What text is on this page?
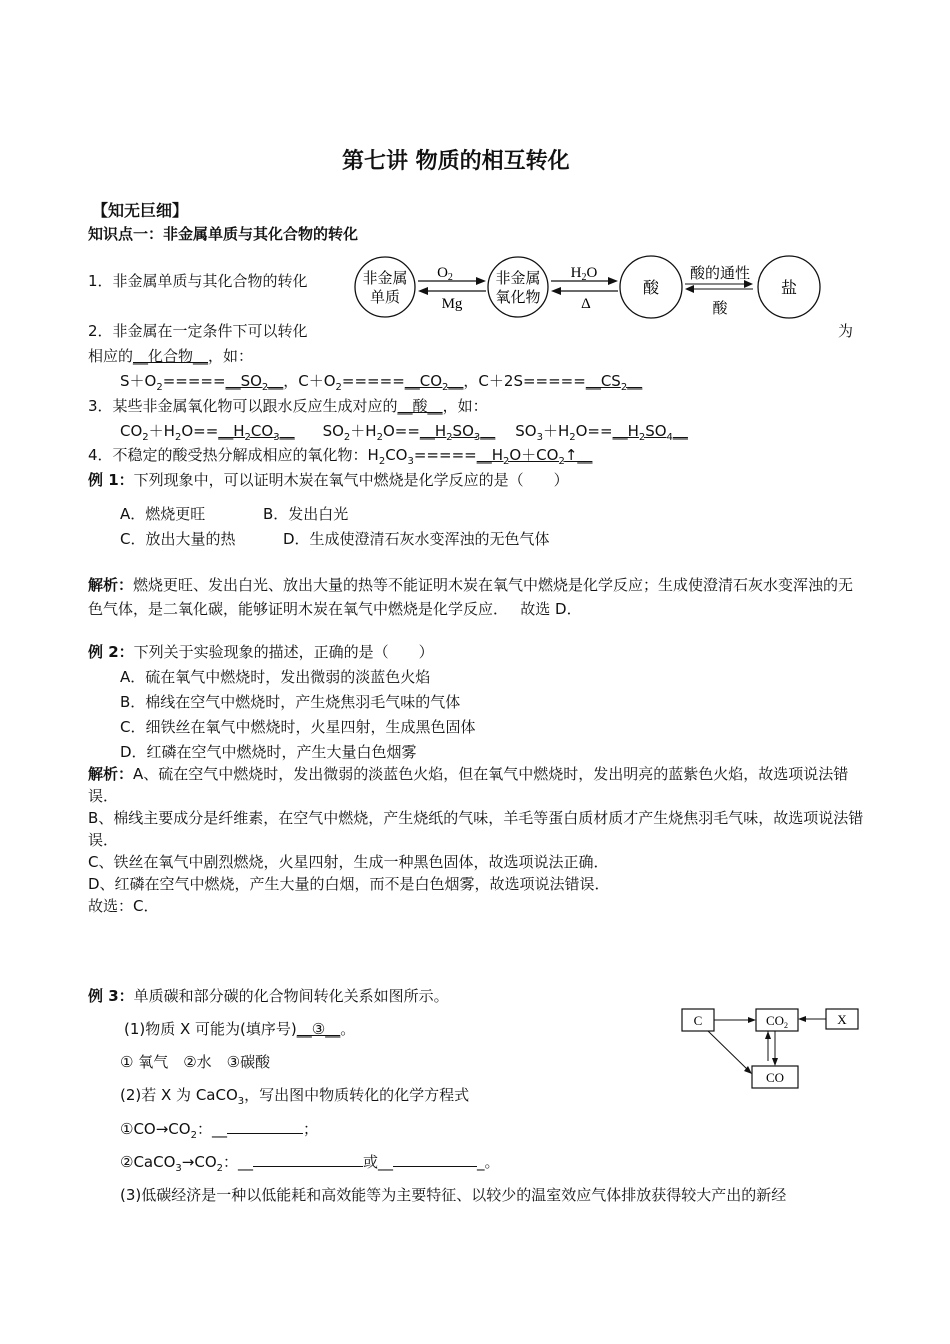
第七讲 物质的相互转化
【知无巨细】
知识点一：非金属单质与其化合物的转化
1．非金属单质与其化合物的转化	非金属
单质
$O_2$
Mg
非金属
氧化物
$H_2O$
Δ
酸
酸的通性
酸
盐
2．非金属在一定条件下可以转化	为
相应的__化合物__，如：
$S+O_2=====\_\_SO_2\_\_$，$C+O_2=====\_\_CO_2\_\_$，$C+2S=====\_\_CS_2\_\_$
3．某些非金属氧化物可以跟水反应生成对应的__酸__，如：
$CO_2+H_2O==\_\_H_2CO_3\_\_$ $SO_2+H_2O==\_\_H_2SO_3\_\_$ $SO_3+H_2O==\_\_H_2SO_4\_\_$
4．不稳定的酸受热分解成相应的氧化物：$H_2CO_3=====\_\_H_2O+CO_2↑\_\_$
例 1：下列现象中，可以证明木炭在氧气中燃烧是化学反应的是（　　）
A．燃烧更旺	B．发出白光
C．放出大量的热	D．生成使澄清石灰水变浑浊的无色气体
解析：燃烧更旺、发出白光、放出大量的热等不能证明木炭在氧气中燃烧是化学反应；生成使澄清石灰水变浑浊的无色气体，是二氧化碳，能够证明木炭在氧气中燃烧是化学反应．　 故选 D．
例 2：下列关于实验现象的描述，正确的是（　　）
A．硫在氧气中燃烧时，发出微弱的淡蓝色火焰
B．棉线在空气中燃烧时，产生烧焦羽毛气味的气体
C．细铁丝在氧气中燃烧时，火星四射，生成黑色固体
D．红磷在空气中燃烧时，产生大量白色烟雾
解析：A、硫在空气中燃烧时，发出微弱的淡蓝色火焰，但在氧气中燃烧时，发出明亮的蓝紫色火焰，故选项说法错误．
B、棉线主要成分是纤维素，在空气中燃烧，产生烧纸的气味，羊毛等蛋白质材质才产生烧焦羽毛气味，故选项说法错误．
C、铁丝在氧气中剧烈燃烧，火星四射，生成一种黑色固体，故选项说法正确．
D、红磷在空气中燃烧，产生大量的白烟，而不是白色烟雾，故选项说法错误．
故选：C．
例 3：单质碳和部分碳的化合物间转化关系如图所示。
(1)物质 X 可能为(填序号)__③__。
① 氧气　②水　③碳酸
(2)若 X 为 CaCO$_3$，写出图中物质转化的化学方程式
$①CO\to CO_2$：__	；
$②CaCO_3\to CO_2$：__	或__	_。
(3)低碳经济是一种以低能耗和高效能等为主要特征、以较少的温室效应气体排放获得较大产出的新经
C	$CO_2$	X
CO
